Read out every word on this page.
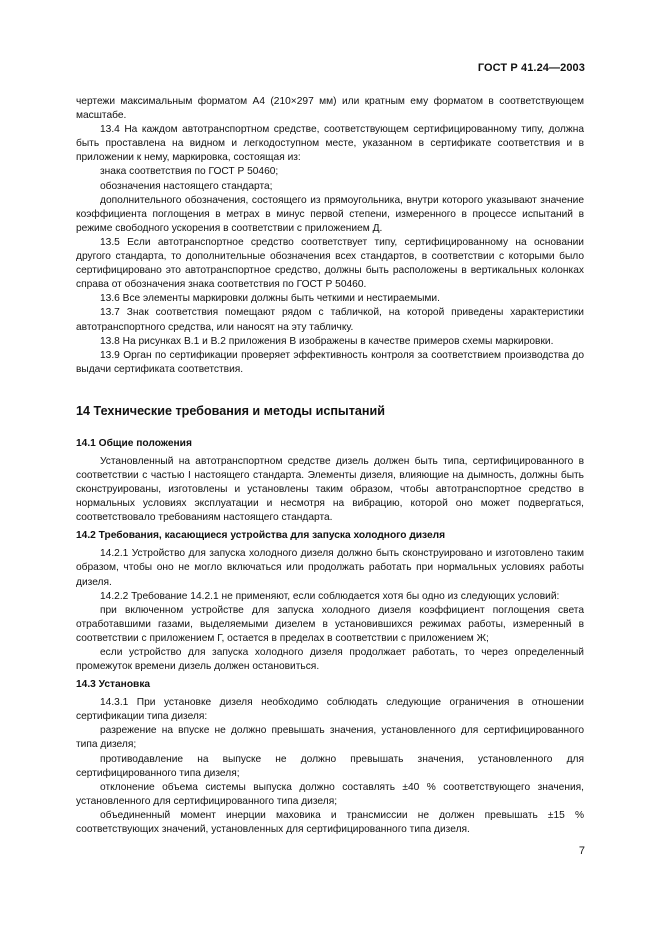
ГОСТ Р 41.24—2003

чертежи максимальным форматом А4 (210×297 мм) или кратным ему форматом в соответствующем масштабе.

13.4 На каждом автотранспортном средстве, соответствующем сертифицированному типу, должна быть проставлена на видном и легкодоступном месте, указанном в сертификате соответствия и в приложении к нему, маркировка, состоящая из:

знака соответствия по ГОСТ Р 50460;

обозначения настоящего стандарта;

дополнительного обозначения, состоящего из прямоугольника, внутри которого указывают значение коэффициента поглощения в метрах в минус первой степени, измеренного в процессе испытаний в режиме свободного ускорения в соответствии с приложением Д.

13.5 Если автотранспортное средство соответствует типу, сертифицированному на основании другого стандарта, то дополнительные обозначения всех стандартов, в соответствии с которыми было сертифицировано это автотранспортное средство, должны быть расположены в вертикальных колонках справа от обозначения знака соответствия по ГОСТ Р 50460.

13.6 Все элементы маркировки должны быть четкими и нестираемыми.

13.7 Знак соответствия помещают рядом с табличкой, на которой приведены характеристики автотранспортного средства, или наносят на эту табличку.

13.8 На рисунках В.1 и В.2 приложения В изображены в качестве примеров схемы маркировки.

13.9 Орган по сертификации проверяет эффективность контроля за соответствием производства до выдачи сертификата соответствия.

14 Технические требования и методы испытаний
14.1 Общие положения

Установленный на автотранспортном средстве дизель должен быть типа, сертифицированного в соответствии с частью I настоящего стандарта. Элементы дизеля, влияющие на дымность, должны быть сконструированы, изготовлены и установлены таким образом, чтобы автотранспортное средство в нормальных условиях эксплуатации и несмотря на вибрацию, которой оно может подвергаться, соответствовало требованиям настоящего стандарта.

14.2 Требования, касающиеся устройства для запуска холодного дизеля

14.2.1 Устройство для запуска холодного дизеля должно быть сконструировано и изготовлено таким образом, чтобы оно не могло включаться или продолжать работать при нормальных условиях работы дизеля.

14.2.2 Требование 14.2.1 не применяют, если соблюдается хотя бы одно из следующих условий:

при включенном устройстве для запуска холодного дизеля коэффициент поглощения света отработавшими газами, выделяемыми дизелем в установившихся режимах работы, измеренный в соответствии с приложением Г, остается в пределах в соответствии с приложением Ж;

если устройство для запуска холодного дизеля продолжает работать, то через определенный промежуток времени дизель должен остановиться.

14.3 Установка

14.3.1 При установке дизеля необходимо соблюдать следующие ограничения в отношении сертификации типа дизеля:

разрежение на впуске не должно превышать значения, установленного для сертифицированного типа дизеля;

противодавление на выпуске не должно превышать значения, установленного для сертифицированного типа дизеля;

отклонение объема системы выпуска должно составлять ±40 % соответствующего значения, установленного для сертифицированного типа дизеля;

объединенный момент инерции маховика и трансмиссии не должен превышать ±15 % соответствующих значений, установленных для сертифицированного типа дизеля.

7
